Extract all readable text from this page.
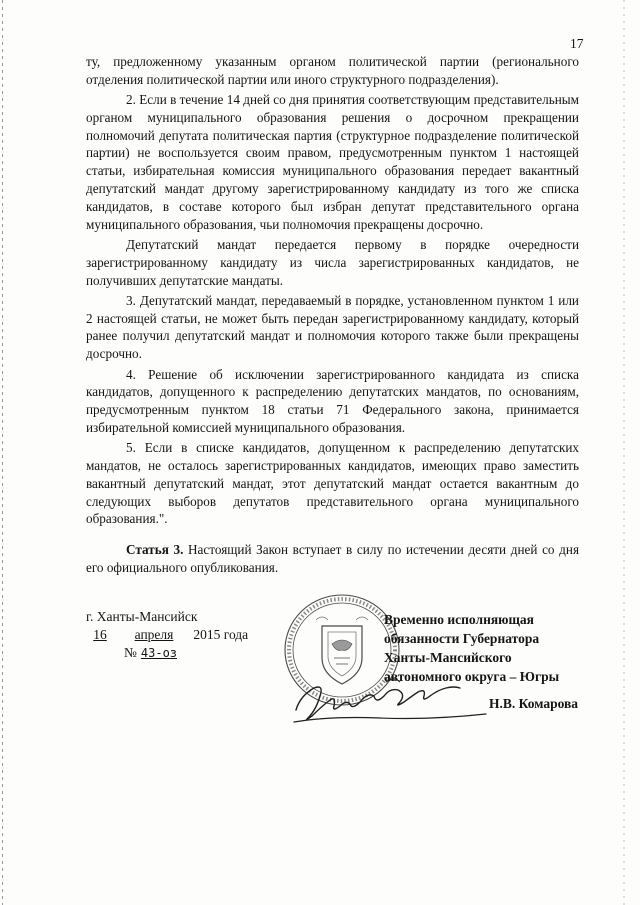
17

ту, предложенному указанным органом политической партии (регионального отделения политической партии или иного структурного подразделения).

2. Если в течение 14 дней со дня принятия соответствующим представительным органом муниципального образования решения о досрочном прекращении полномочий депутата политическая партия (структурное подразделение политической партии) не воспользуется своим правом, предусмотренным пунктом 1 настоящей статьи, избирательная комиссия муниципального образования передает вакантный депутатский мандат другому зарегистрированному кандидату из того же списка кандидатов, в составе которого был избран депутат представительного органа муниципального образования, чьи полномочия прекращены досрочно.

Депутатский мандат передается первому в порядке очередности зарегистрированному кандидату из числа зарегистрированных кандидатов, не получивших депутатские мандаты.

3. Депутатский мандат, передаваемый в порядке, установленном пунктом 1 или 2 настоящей статьи, не может быть передан зарегистрированному кандидату, который ранее получил депутатский мандат и полномочия которого также были прекращены досрочно.

4. Решение об исключении зарегистрированного кандидата из списка кандидатов, допущенного к распределению депутатских мандатов, по основаниям, предусмотренным пунктом 18 статьи 71 Федерального закона, принимается избирательной комиссией муниципального образования.

5. Если в списке кандидатов, допущенном к распределению депутатских мандатов, не осталось зарегистрированных кандидатов, имеющих право заместить вакантный депутатский мандат, этот депутатский мандат остается вакантным до следующих выборов депутатов представительного органа муниципального образования.".

Статья 3. Настоящий Закон вступает в силу по истечении десяти дней со дня его официального опубликования.

г. Ханты-Мансийск
16 апреля 2015 года
№ 43-оз
Временно исполняющая
обязанности Губернатора
Ханты-Мансийского
автономного округа – Югры
Н.В. Комарова
